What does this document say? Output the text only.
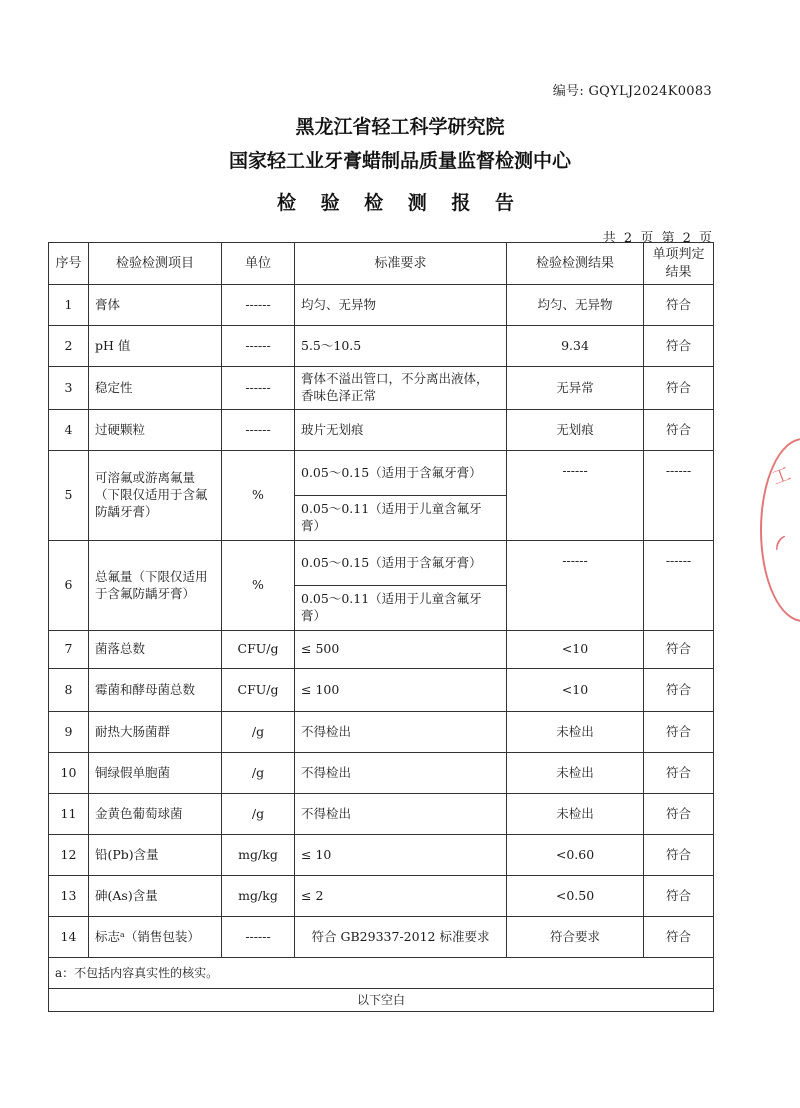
编号: GQYLJ2024K0083
黑龙江省轻工科学研究院
国家轻工业牙膏蜡制品质量监督检测中心
检 验 检 测 报 告
共 2 页 第 2 页
序号	检验检测项目	单位	标准要求	检验检测结果	单项判定结果
1	膏体	------	均匀、无异物	均匀、无异物	符合
2	pH 值	------	5.5～10.5	9.34	符合
3	稳定性	------	膏体不溢出管口，不分离出液体，香味色泽正常	无异常	符合
4	过硬颗粒	------	玻片无划痕	无划痕	符合
5	可溶氟或游离氟量（下限仅适用于含氟防龋牙膏）	%	0.05～0.15（适用于含氟牙膏）	------	------
			0.05～0.11（适用于儿童含氟牙膏）		
6	总氟量（下限仅适用于含氟防龋牙膏）	%	0.05～0.15（适用于含氟牙膏）	------	------
			0.05～0.11（适用于儿童含氟牙膏）		
7	菌落总数	CFU/g	≤ 500	<10	符合
8	霉菌和酵母菌总数	CFU/g	≤ 100	<10	符合
9	耐热大肠菌群	/g	不得检出	未检出	符合
10	铜绿假单胞菌	/g	不得检出	未检出	符合
11	金黄色葡萄球菌	/g	不得检出	未检出	符合
12	铅(Pb)含量	mg/kg	≤ 10	<0.60	符合
13	砷(As)含量	mg/kg	≤ 2	<0.50	符合
14	标志ᵃ（销售包装）	------	符合 GB29337-2012 标准要求	符合要求	符合
a：不包括内容真实性的核实。					
以下空白					
工
(
